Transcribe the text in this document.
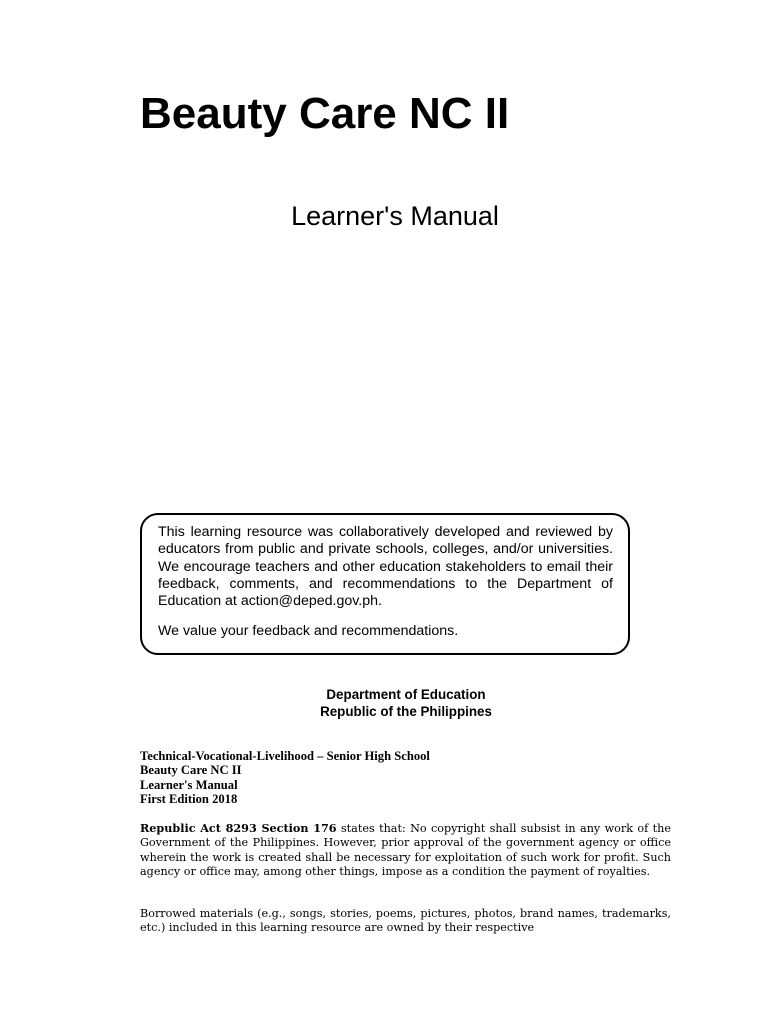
Beauty Care NC II
Learner's Manual

This learning resource was collaboratively developed and reviewed by educators from public and private schools, colleges, and/or universities. We encourage teachers and other education stakeholders to email their feedback, comments, and recommendations to the Department of Education at action@deped.gov.ph.

We value your feedback and recommendations.

Department of Education
Republic of the Philippines
Technical-Vocational-Livelihood – Senior High School
Beauty Care NC II
Learner's Manual
First Edition 2018

Republic Act 8293 Section 176 states that: No copyright shall subsist in any work of the Government of the Philippines. However, prior approval of the government agency or office wherein the work is created shall be necessary for exploitation of such work for profit. Such agency or office may, among other things, impose as a condition the payment of royalties.

Borrowed materials (e.g., songs, stories, poems, pictures, photos, brand names, trademarks, etc.) included in this learning resource are owned by their respective
